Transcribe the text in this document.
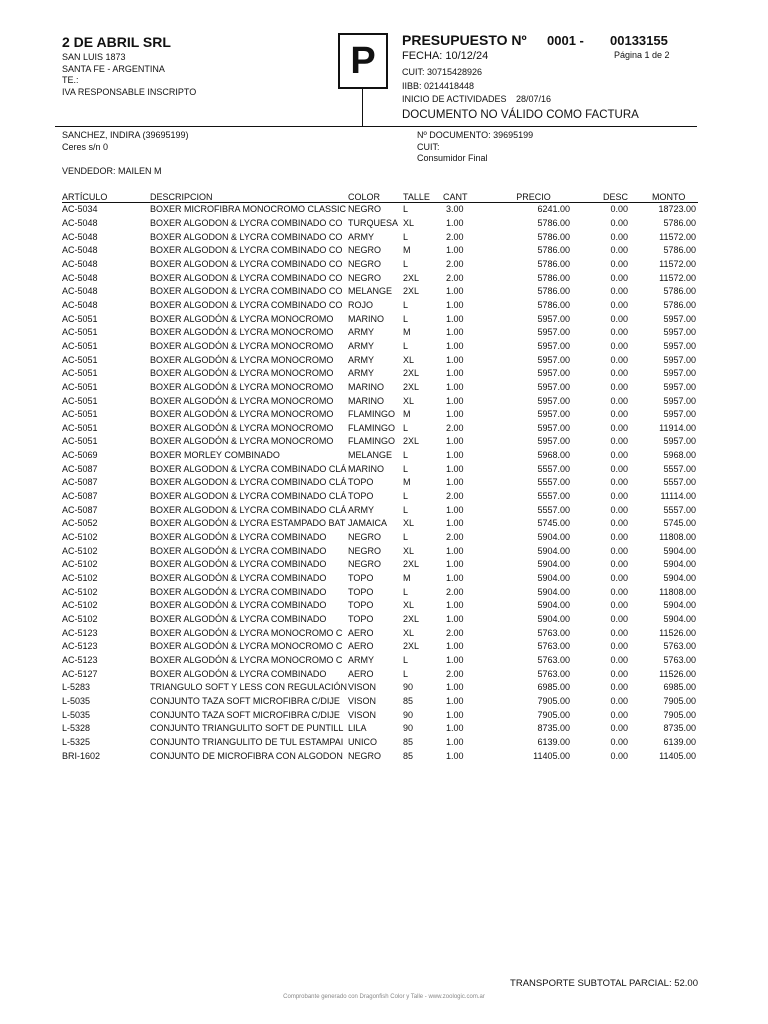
2 DE ABRIL SRL
SAN LUIS 1873
SANTA FE - ARGENTINA
TE.:
IVA RESPONSABLE INSCRIPTO
P	PRESUPUESTO Nº 0001 - 00133155
FECHA: 10/12/24	Página 1 de 2
CUIT: 30715428926
IIBB: 0214418448
INICIO DE ACTIVIDADES 28/07/16
DOCUMENTO NO VÁLIDO COMO FACTURA
SANCHEZ, INDIRA (39695199)
Ceres s/n 0
Nº DOCUMENTO: 39695199
CUIT:
Consumidor Final
VENDEDOR: MAILEN M
ARTÍCULO	DESCRIPCION	COLOR	TALLE	CANT	PRECIO	DESC	MONTO
AC-5034	BOXER MICROFIBRA MONOCROMO CLASSIC	NEGRO	L	3.00	6241.00	0.00	18723.00
AC-5048	BOXER ALGODON & LYCRA COMBINADO CO	TURQUESA	XL	1.00	5786.00	0.00	5786.00
AC-5048	BOXER ALGODON & LYCRA COMBINADO CO	ARMY	L	2.00	5786.00	0.00	11572.00
AC-5048	BOXER ALGODON & LYCRA COMBINADO CO	NEGRO	M	1.00	5786.00	0.00	5786.00
AC-5048	BOXER ALGODON & LYCRA COMBINADO CO	NEGRO	L	2.00	5786.00	0.00	11572.00
AC-5048	BOXER ALGODON & LYCRA COMBINADO CO	NEGRO	2XL	2.00	5786.00	0.00	11572.00
AC-5048	BOXER ALGODON & LYCRA COMBINADO CO	MELANGE	2XL	1.00	5786.00	0.00	5786.00
AC-5048	BOXER ALGODON & LYCRA COMBINADO CO	ROJO	L	1.00	5786.00	0.00	5786.00
AC-5051	BOXER ALGODÓN & LYCRA MONOCROMO	MARINO	L	1.00	5957.00	0.00	5957.00
AC-5051	BOXER ALGODÓN & LYCRA MONOCROMO	ARMY	M	1.00	5957.00	0.00	5957.00
AC-5051	BOXER ALGODÓN & LYCRA MONOCROMO	ARMY	L	1.00	5957.00	0.00	5957.00
AC-5051	BOXER ALGODÓN & LYCRA MONOCROMO	ARMY	XL	1.00	5957.00	0.00	5957.00
AC-5051	BOXER ALGODÓN & LYCRA MONOCROMO	ARMY	2XL	1.00	5957.00	0.00	5957.00
AC-5051	BOXER ALGODÓN & LYCRA MONOCROMO	MARINO	2XL	1.00	5957.00	0.00	5957.00
AC-5051	BOXER ALGODÓN & LYCRA MONOCROMO	MARINO	XL	1.00	5957.00	0.00	5957.00
AC-5051	BOXER ALGODÓN & LYCRA MONOCROMO	FLAMINGO	M	1.00	5957.00	0.00	5957.00
AC-5051	BOXER ALGODÓN & LYCRA MONOCROMO	FLAMINGO	L	2.00	5957.00	0.00	11914.00
AC-5051	BOXER ALGODÓN & LYCRA MONOCROMO	FLAMINGO	2XL	1.00	5957.00	0.00	5957.00
AC-5069	BOXER MORLEY COMBINADO	MELANGE	L	1.00	5968.00	0.00	5968.00
AC-5087	BOXER ALGODON & LYCRA COMBINADO CLÁ	MARINO	L	1.00	5557.00	0.00	5557.00
AC-5087	BOXER ALGODON & LYCRA COMBINADO CLÁ	TOPO	M	1.00	5557.00	0.00	5557.00
AC-5087	BOXER ALGODON & LYCRA COMBINADO CLÁ	TOPO	L	2.00	5557.00	0.00	11114.00
AC-5087	BOXER ALGODON & LYCRA COMBINADO CLÁ	ARMY	L	1.00	5557.00	0.00	5557.00
AC-5052	BOXER ALGODÓN & LYCRA ESTAMPADO BAT	JAMAICA	XL	1.00	5745.00	0.00	5745.00
AC-5102	BOXER ALGODÓN & LYCRA COMBINADO	NEGRO	L	2.00	5904.00	0.00	11808.00
AC-5102	BOXER ALGODÓN & LYCRA COMBINADO	NEGRO	XL	1.00	5904.00	0.00	5904.00
AC-5102	BOXER ALGODÓN & LYCRA COMBINADO	NEGRO	2XL	1.00	5904.00	0.00	5904.00
AC-5102	BOXER ALGODÓN & LYCRA COMBINADO	TOPO	M	1.00	5904.00	0.00	5904.00
AC-5102	BOXER ALGODÓN & LYCRA COMBINADO	TOPO	L	2.00	5904.00	0.00	11808.00
AC-5102	BOXER ALGODÓN & LYCRA COMBINADO	TOPO	XL	1.00	5904.00	0.00	5904.00
AC-5102	BOXER ALGODÓN & LYCRA COMBINADO	TOPO	2XL	1.00	5904.00	0.00	5904.00
AC-5123	BOXER ALGODÓN & LYCRA MONOCROMO C	AERO	XL	2.00	5763.00	0.00	11526.00
AC-5123	BOXER ALGODÓN & LYCRA MONOCROMO C	AERO	2XL	1.00	5763.00	0.00	5763.00
AC-5123	BOXER ALGODÓN & LYCRA MONOCROMO C	ARMY	L	1.00	5763.00	0.00	5763.00
AC-5127	BOXER ALGODÓN & LYCRA COMBINADO	AERO	L	2.00	5763.00	0.00	11526.00
L-5283	TRIANGULO SOFT Y LESS CON REGULACIÓN	VISON	90	1.00	6985.00	0.00	6985.00
L-5035	CONJUNTO TAZA SOFT MICROFIBRA C/DIJE	VISON	85	1.00	7905.00	0.00	7905.00
L-5035	CONJUNTO TAZA SOFT MICROFIBRA C/DIJE	VISON	90	1.00	7905.00	0.00	7905.00
L-5328	CONJUNTO TRIANGULITO SOFT DE PUNTILL	LILA	90	1.00	8735.00	0.00	8735.00
L-5325	CONJUNTO TRIANGULITO DE TUL ESTAMPAI	UNICO	85	1.00	6139.00	0.00	6139.00
BRI-1602	CONJUNTO DE MICROFIBRA CON ALGODON	NEGRO	85	1.00	11405.00	0.00	11405.00
TRANSPORTE SUBTOTAL PARCIAL: 52.00
Comprobante generado con Dragonfish Color y Talle - www.zoologic.com.ar
